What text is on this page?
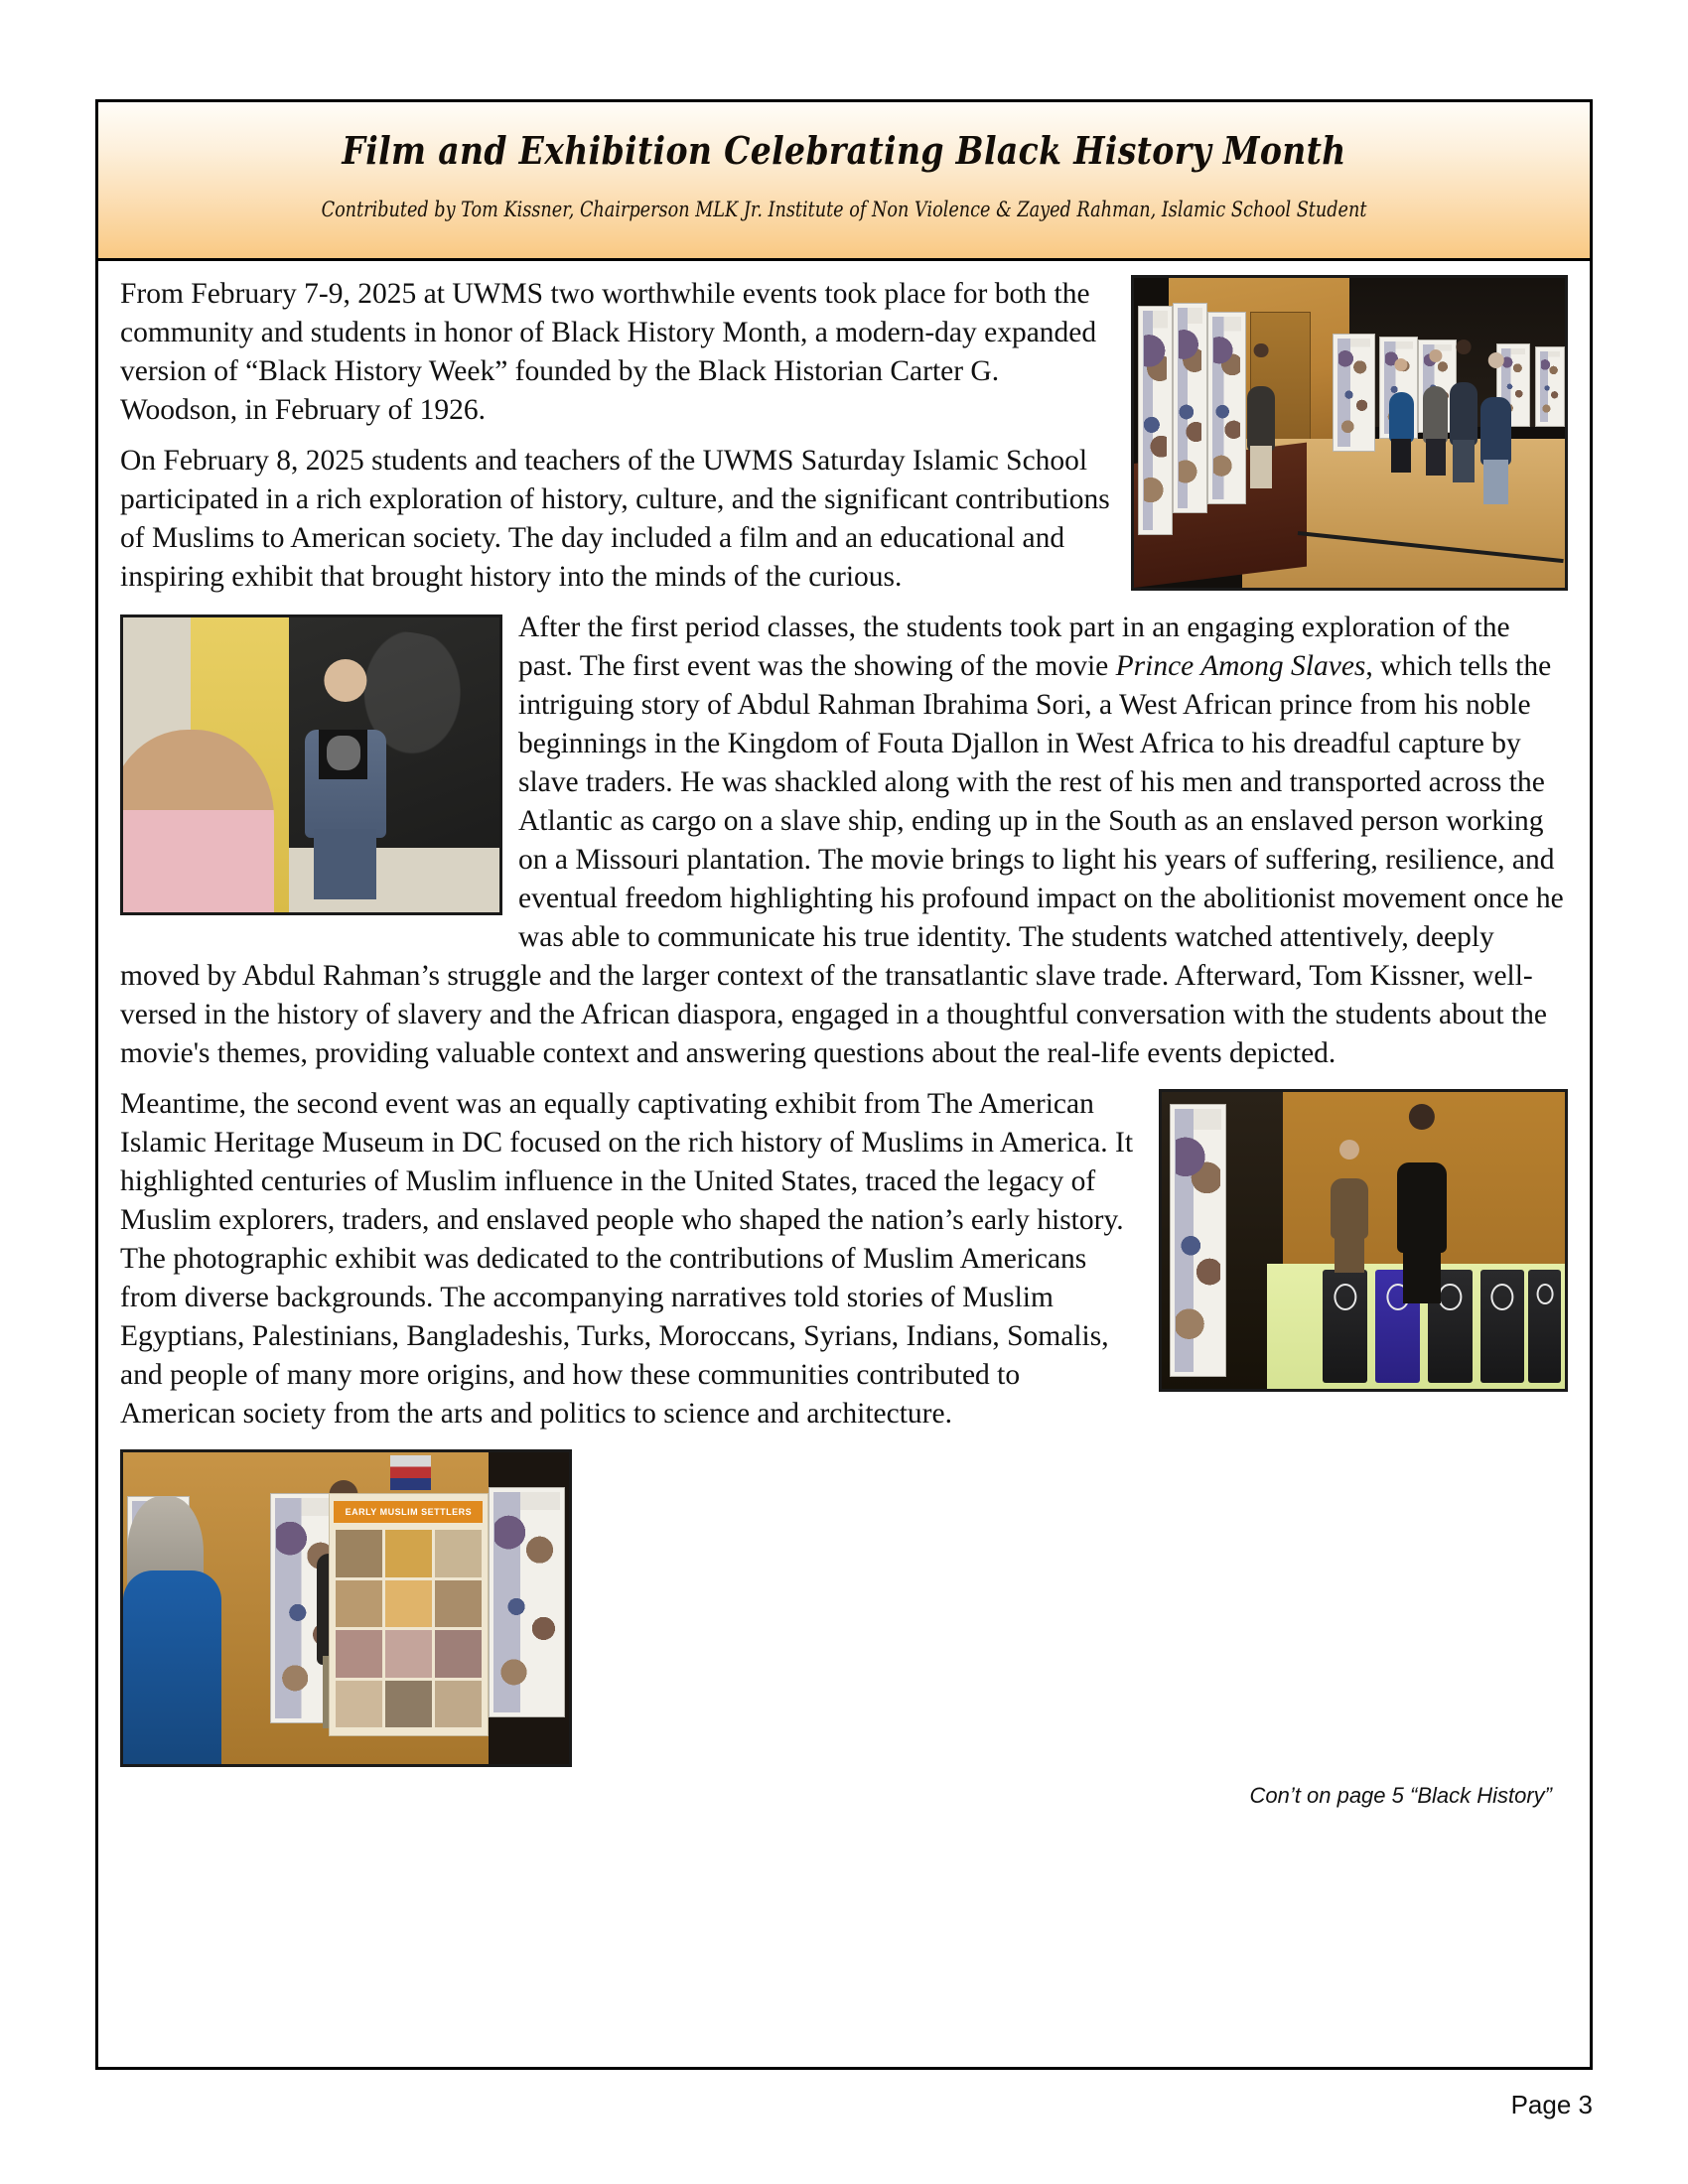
Film and Exhibition Celebrating Black History Month
Contributed by Tom Kissner, Chairperson MLK Jr. Institute of Non Violence & Zayed Rahman, Islamic School Student

From February 7-9, 2025 at UWMS two worthwhile events took place for both the community and students in honor of Black History Month, a modern-day expanded version of “Black History Week” founded by the Black Historian Carter G. Woodson, in February of 1926.

On February 8, 2025 students and teachers of the UWMS Saturday Islamic School participated in a rich exploration of history, culture, and the significant contributions of Muslims to American society. The day included a film and an educational and inspiring exhibit that brought history into the minds of the curious.

After the first period classes, the students took part in an engaging exploration of the past. The first event was the showing of the movie Prince Among Slaves, which tells the intriguing story of Abdul Rahman Ibrahima Sori, a West African prince from his noble beginnings in the Kingdom of Fouta Djallon in West Africa to his dreadful capture by slave traders. He was shackled along with the rest of his men and transported across the Atlantic as cargo on a slave ship, ending up in the South as an enslaved person working on a Missouri plantation. The movie brings to light his years of suffering, resilience, and eventual freedom highlighting his profound impact on the abolitionist movement once he was able to communicate his true identity. The students watched attentively, deeply moved by Abdul Rahman’s struggle and the larger context of the transatlantic slave trade. Afterward, Tom Kissner, well-versed in the history of slavery and the African diaspora, engaged in a thoughtful conversation with the students about the movie's themes, providing valuable context and answering questions about the real-life events depicted.

Meantime, the second event was an equally captivating exhibit from The American Islamic Heritage Museum in DC focused on the rich history of Muslims in America. It highlighted centuries of Muslim influence in the United States, traced the legacy of Muslim explorers, traders, and enslaved people who shaped the nation’s early history. The photographic exhibit was dedicated to the contributions of Muslim Americans from diverse backgrounds. The accompanying narratives told stories of Muslim Egyptians, Palestinians, Bangladeshis, Turks, Moroccans, Syrians, Indians, Somalis, and people of many more origins, and how these communities contributed to American society from the arts and politics to science and architecture.

EARLY MUSLIM SETTLERS
Con’t on page 5 “Black History”
Page 3
